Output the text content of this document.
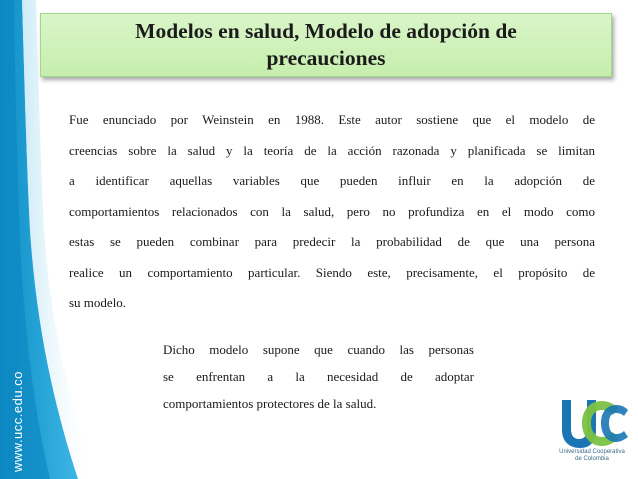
Modelos en salud, Modelo de adopción de
precauciones
Fue enunciado por Weinstein en 1988. Este autor sostiene que el modelo de
creencias sobre la salud y la teoría de la acción razonada y planificada se limitan
a identificar aquellas variables que pueden influir en la adopción de
comportamientos relacionados con la salud, pero no profundiza en el modo como
estas se pueden combinar para predecir la probabilidad de que una persona
realice un comportamiento particular. Siendo este, precisamente, el propósito de
su modelo.
Dicho modelo supone que cuando las personas
se enfrentan a la necesidad de adoptar
comportamientos protectores de la salud.
www.ucc.edu.co	Universidad Cooperativa
de Colombia
